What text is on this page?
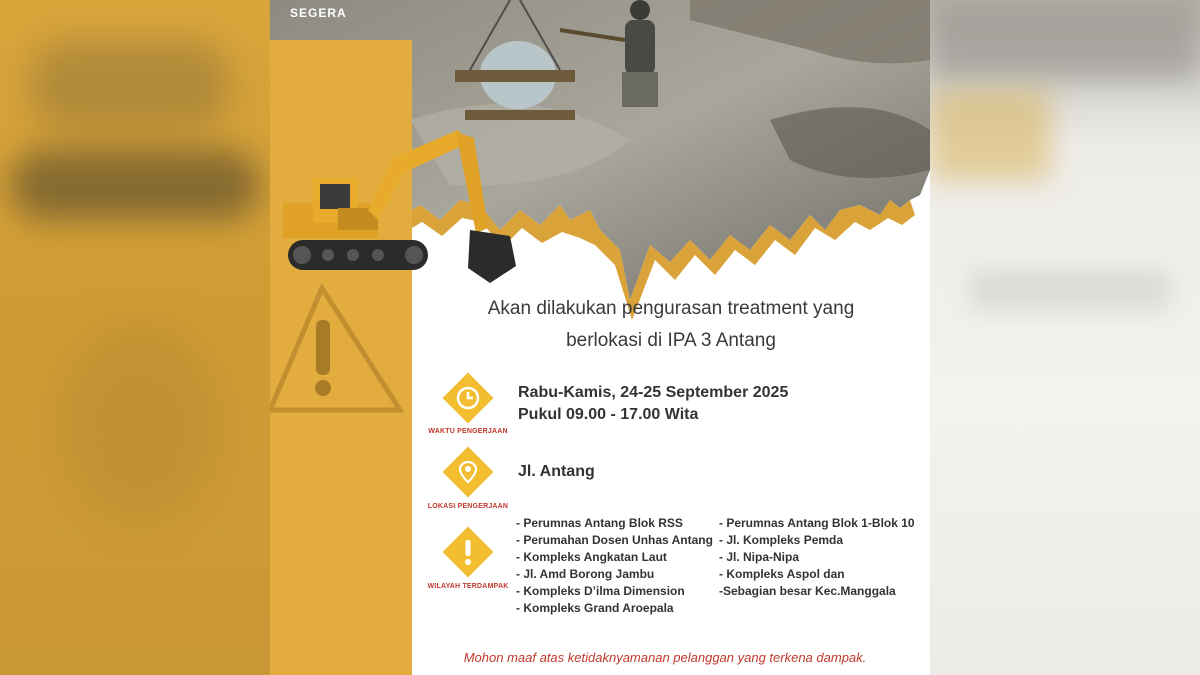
SEGERA
Akan dilakukan pengurasan treatment yang
berlokasi di IPA 3 Antang
WAKTU PENGERJAAN
Rabu-Kamis, 24-25 September 2025
Pukul 09.00 - 17.00 Wita
LOKASI PENGERJAAN
Jl. Antang
WILAYAH TERDAMPAK
- Perumnas Antang Blok RSS
- Perumahan Dosen Unhas Antang
- Kompleks Angkatan Laut
- Jl. Amd Borong Jambu
- Kompleks D’ilma Dimension
- Kompleks Grand Aroepala
- Perumnas Antang Blok 1-Blok 10
- Jl. Kompleks Pemda
- Jl. Nipa-Nipa
- Kompleks Aspol dan
-Sebagian besar Kec.Manggala
Mohon maaf atas ketidaknyamanan pelanggan yang terkena dampak.
